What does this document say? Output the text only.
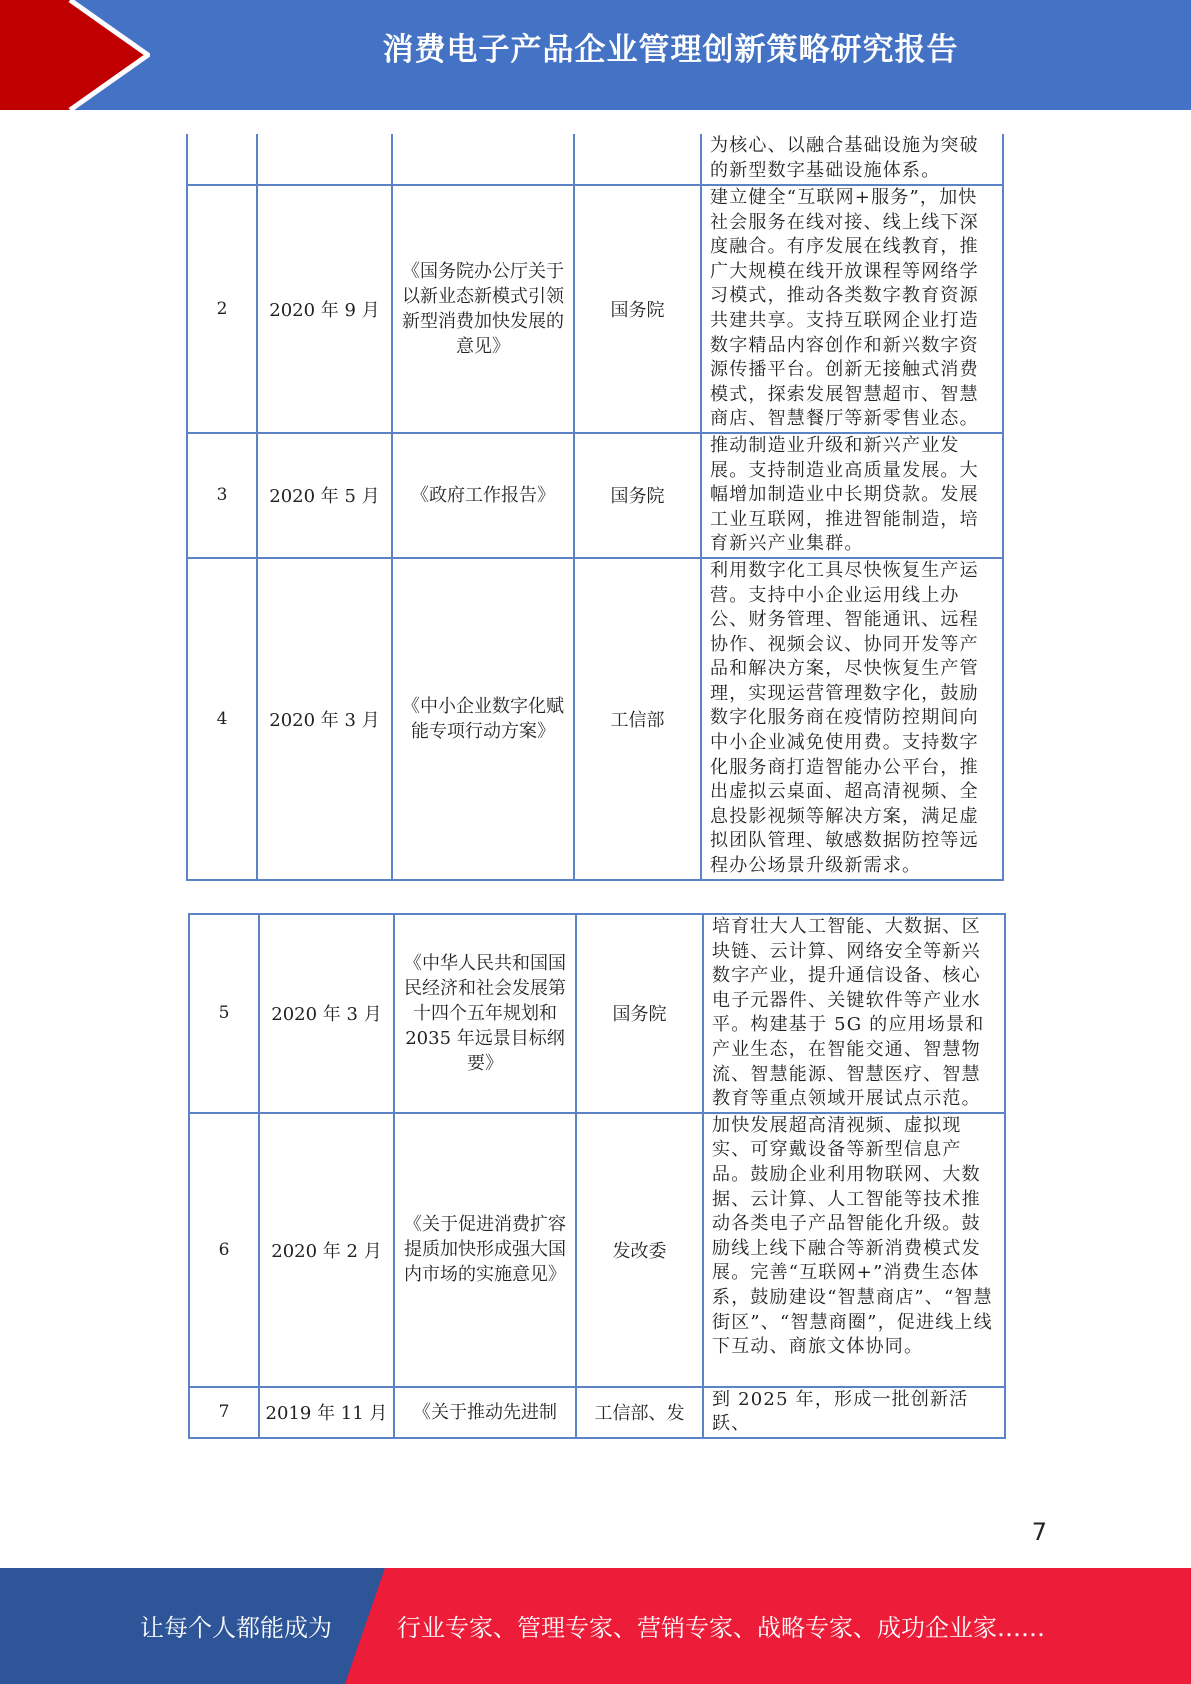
消费电子产品企业管理创新策略研究报告
				为核心、以融合基础设施为突破的新型数字基础设施体系。
2	2020 年 9 月	《国务院办公厅关于以新业态新模式引领新型消费加快发展的意见》	国务院	建立健全“互联网+服务”，加快社会服务在线对接、线上线下深度融合。有序发展在线教育，推广大规模在线开放课程等网络学习模式，推动各类数字教育资源共建共享。支持互联网企业打造数字精品内容创作和新兴数字资源传播平台。创新无接触式消费模式，探索发展智慧超市、智慧商店、智慧餐厅等新零售业态。
3	2020 年 5 月	《政府工作报告》	国务院	推动制造业升级和新兴产业发展。支持制造业高质量发展。大幅增加制造业中长期贷款。发展工业互联网，推进智能制造，培育新兴产业集群。
4	2020 年 3 月	《中小企业数字化赋能专项行动方案》	工信部	利用数字化工具尽快恢复生产运营。支持中小企业运用线上办公、财务管理、智能通讯、远程协作、视频会议、协同开发等产品和解决方案，尽快恢复生产管理，实现运营管理数字化，鼓励数字化服务商在疫情防控期间向中小企业减免使用费。支持数字化服务商打造智能办公平台，推出虚拟云桌面、超高清视频、全息投影视频等解决方案，满足虚拟团队管理、敏感数据防控等远程办公场景升级新需求。
5	2020 年 3 月	《中华人民共和国国民经济和社会发展第十四个五年规划和 2035 年远景目标纲要》	国务院	培育壮大人工智能、大数据、区块链、云计算、网络安全等新兴数字产业，提升通信设备、核心电子元器件、关键软件等产业水平。构建基于 5G 的应用场景和产业生态，在智能交通、智慧物流、智慧能源、智慧医疗、智慧教育等重点领域开展试点示范。
6	2020 年 2 月	《关于促进消费扩容提质加快形成强大国内市场的实施意见》	发改委	加快发展超高清视频、虚拟现实、可穿戴设备等新型信息产品。鼓励企业利用物联网、大数据、云计算、人工智能等技术推动各类电子产品智能化升级。鼓励线上线下融合等新消费模式发展。完善“互联网+”消费生态体系，鼓励建设“智慧商店”、“智慧街区”、“智慧商圈”，促进线上线下互动、商旅文体协同。
7	2019 年 11 月	《关于推动先进制	工信部、发	到 2025 年，形成一批创新活跃、
7
让每个人都能成为	行业专家、管理专家、营销专家、战略专家、成功企业家……
